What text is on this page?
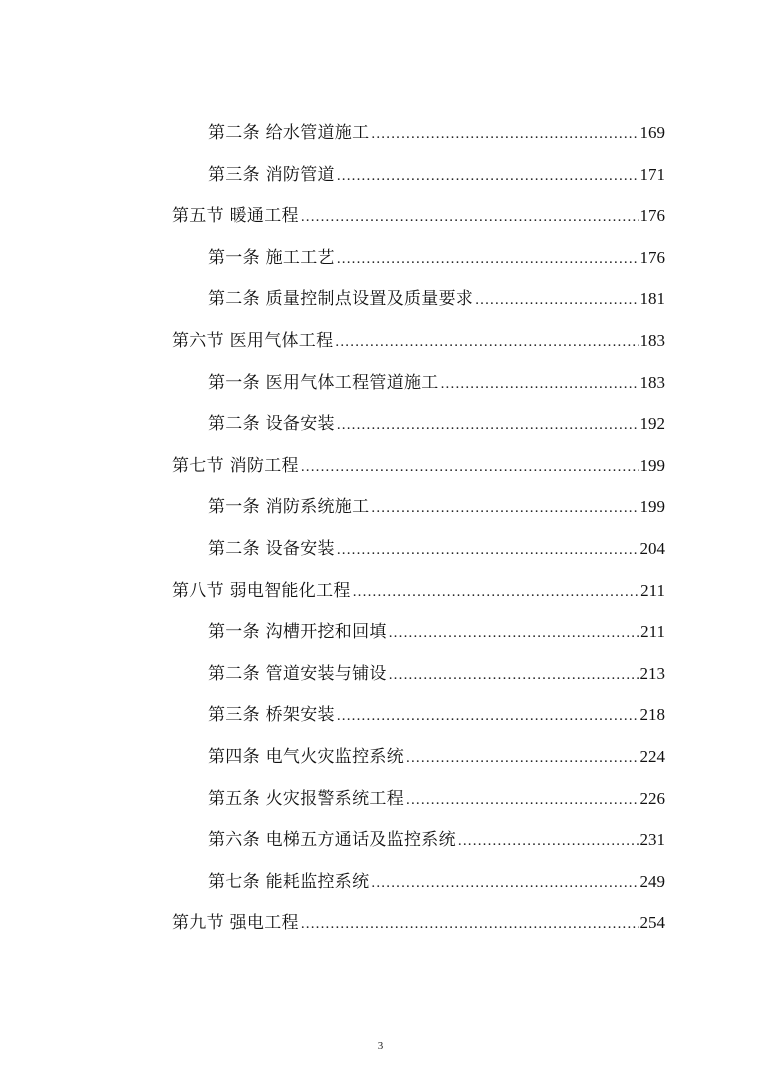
第二条 给水管道施工 .....	169
第三条 消防管道 .....	171
第五节 暖通工程 .....	176
第一条 施工工艺 .....	176
第二条 质量控制点设置及质量要求 .....	181
第六节 医用气体工程 .....	183
第一条 医用气体工程管道施工 .....	183
第二条 设备安装 .....	192
第七节 消防工程 .....	199
第一条 消防系统施工 .....	199
第二条 设备安装 .....	204
第八节 弱电智能化工程 .....	211
第一条 沟槽开挖和回填 .....	211
第二条 管道安装与铺设 .....	213
第三条 桥架安装 .....	218
第四条 电气火灾监控系统 .....	224
第五条 火灾报警系统工程 .....	226
第六条 电梯五方通话及监控系统 .....	231
第七条 能耗监控系统 .....	249
第九节 强电工程 .....	254
3
